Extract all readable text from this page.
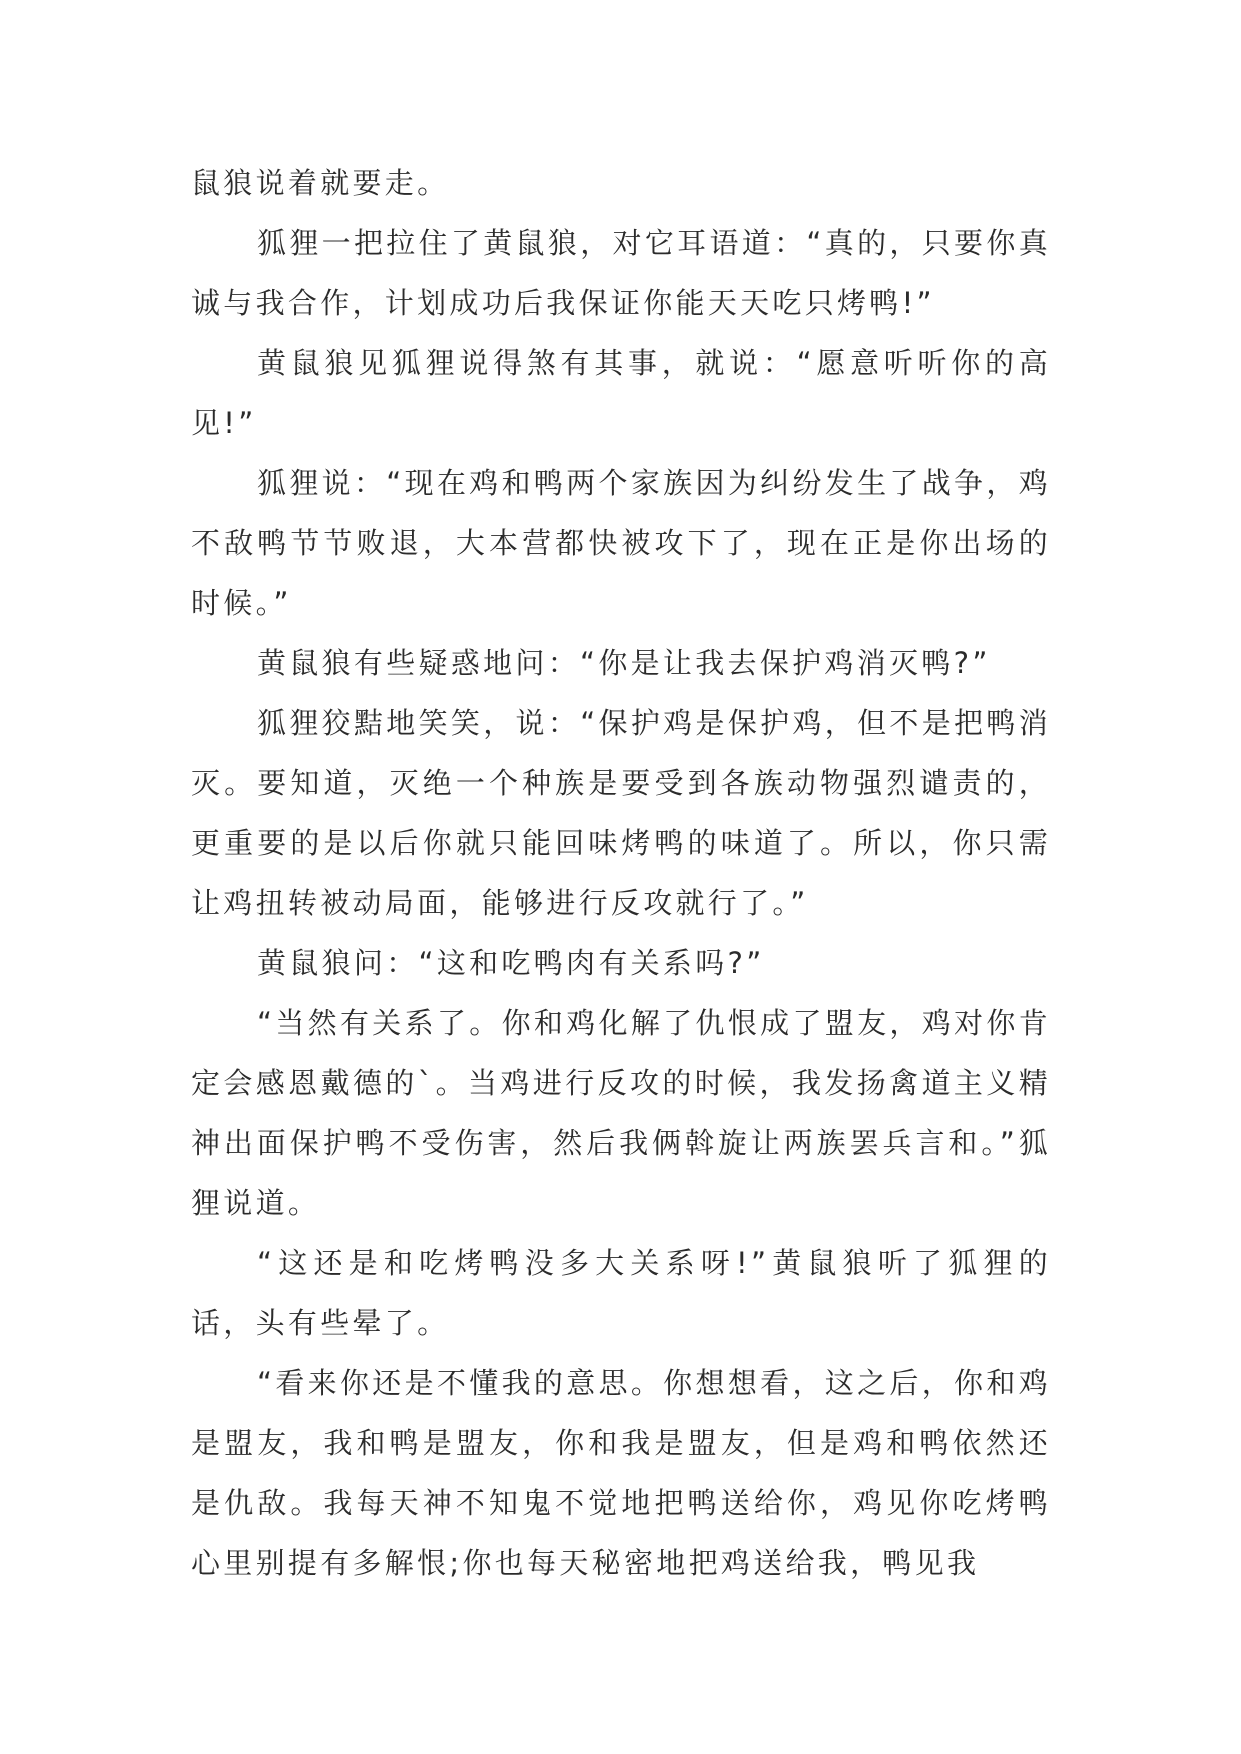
鼠狼说着就要走。

狐狸一把拉住了黄鼠狼，对它耳语道：“真的，只要你真诚与我合作，计划成功后我保证你能天天吃只烤鸭!”

黄鼠狼见狐狸说得煞有其事，就说：“愿意听听你的高见!”

狐狸说：“现在鸡和鸭两个家族因为纠纷发生了战争，鸡不敌鸭节节败退，大本营都快被攻下了，现在正是你出场的时候。”

黄鼠狼有些疑惑地问：“你是让我去保护鸡消灭鸭?”

狐狸狡黠地笑笑，说：“保护鸡是保护鸡，但不是把鸭消灭。要知道，灭绝一个种族是要受到各族动物强烈谴责的，更重要的是以后你就只能回味烤鸭的味道了。所以，你只需让鸡扭转被动局面，能够进行反攻就行了。”

黄鼠狼问：“这和吃鸭肉有关系吗?”

“当然有关系了。你和鸡化解了仇恨成了盟友，鸡对你肯定会感恩戴德的`。当鸡进行反攻的时候，我发扬禽道主义精神出面保护鸭不受伤害，然后我俩斡旋让两族罢兵言和。”狐狸说道。

“这还是和吃烤鸭没多大关系呀!”黄鼠狼听了狐狸的话，头有些晕了。

“看来你还是不懂我的意思。你想想看，这之后，你和鸡是盟友，我和鸭是盟友，你和我是盟友，但是鸡和鸭依然还是仇敌。我每天神不知鬼不觉地把鸭送给你，鸡见你吃烤鸭心里别提有多解恨;你也每天秘密地把鸡送给我，鸭见我
